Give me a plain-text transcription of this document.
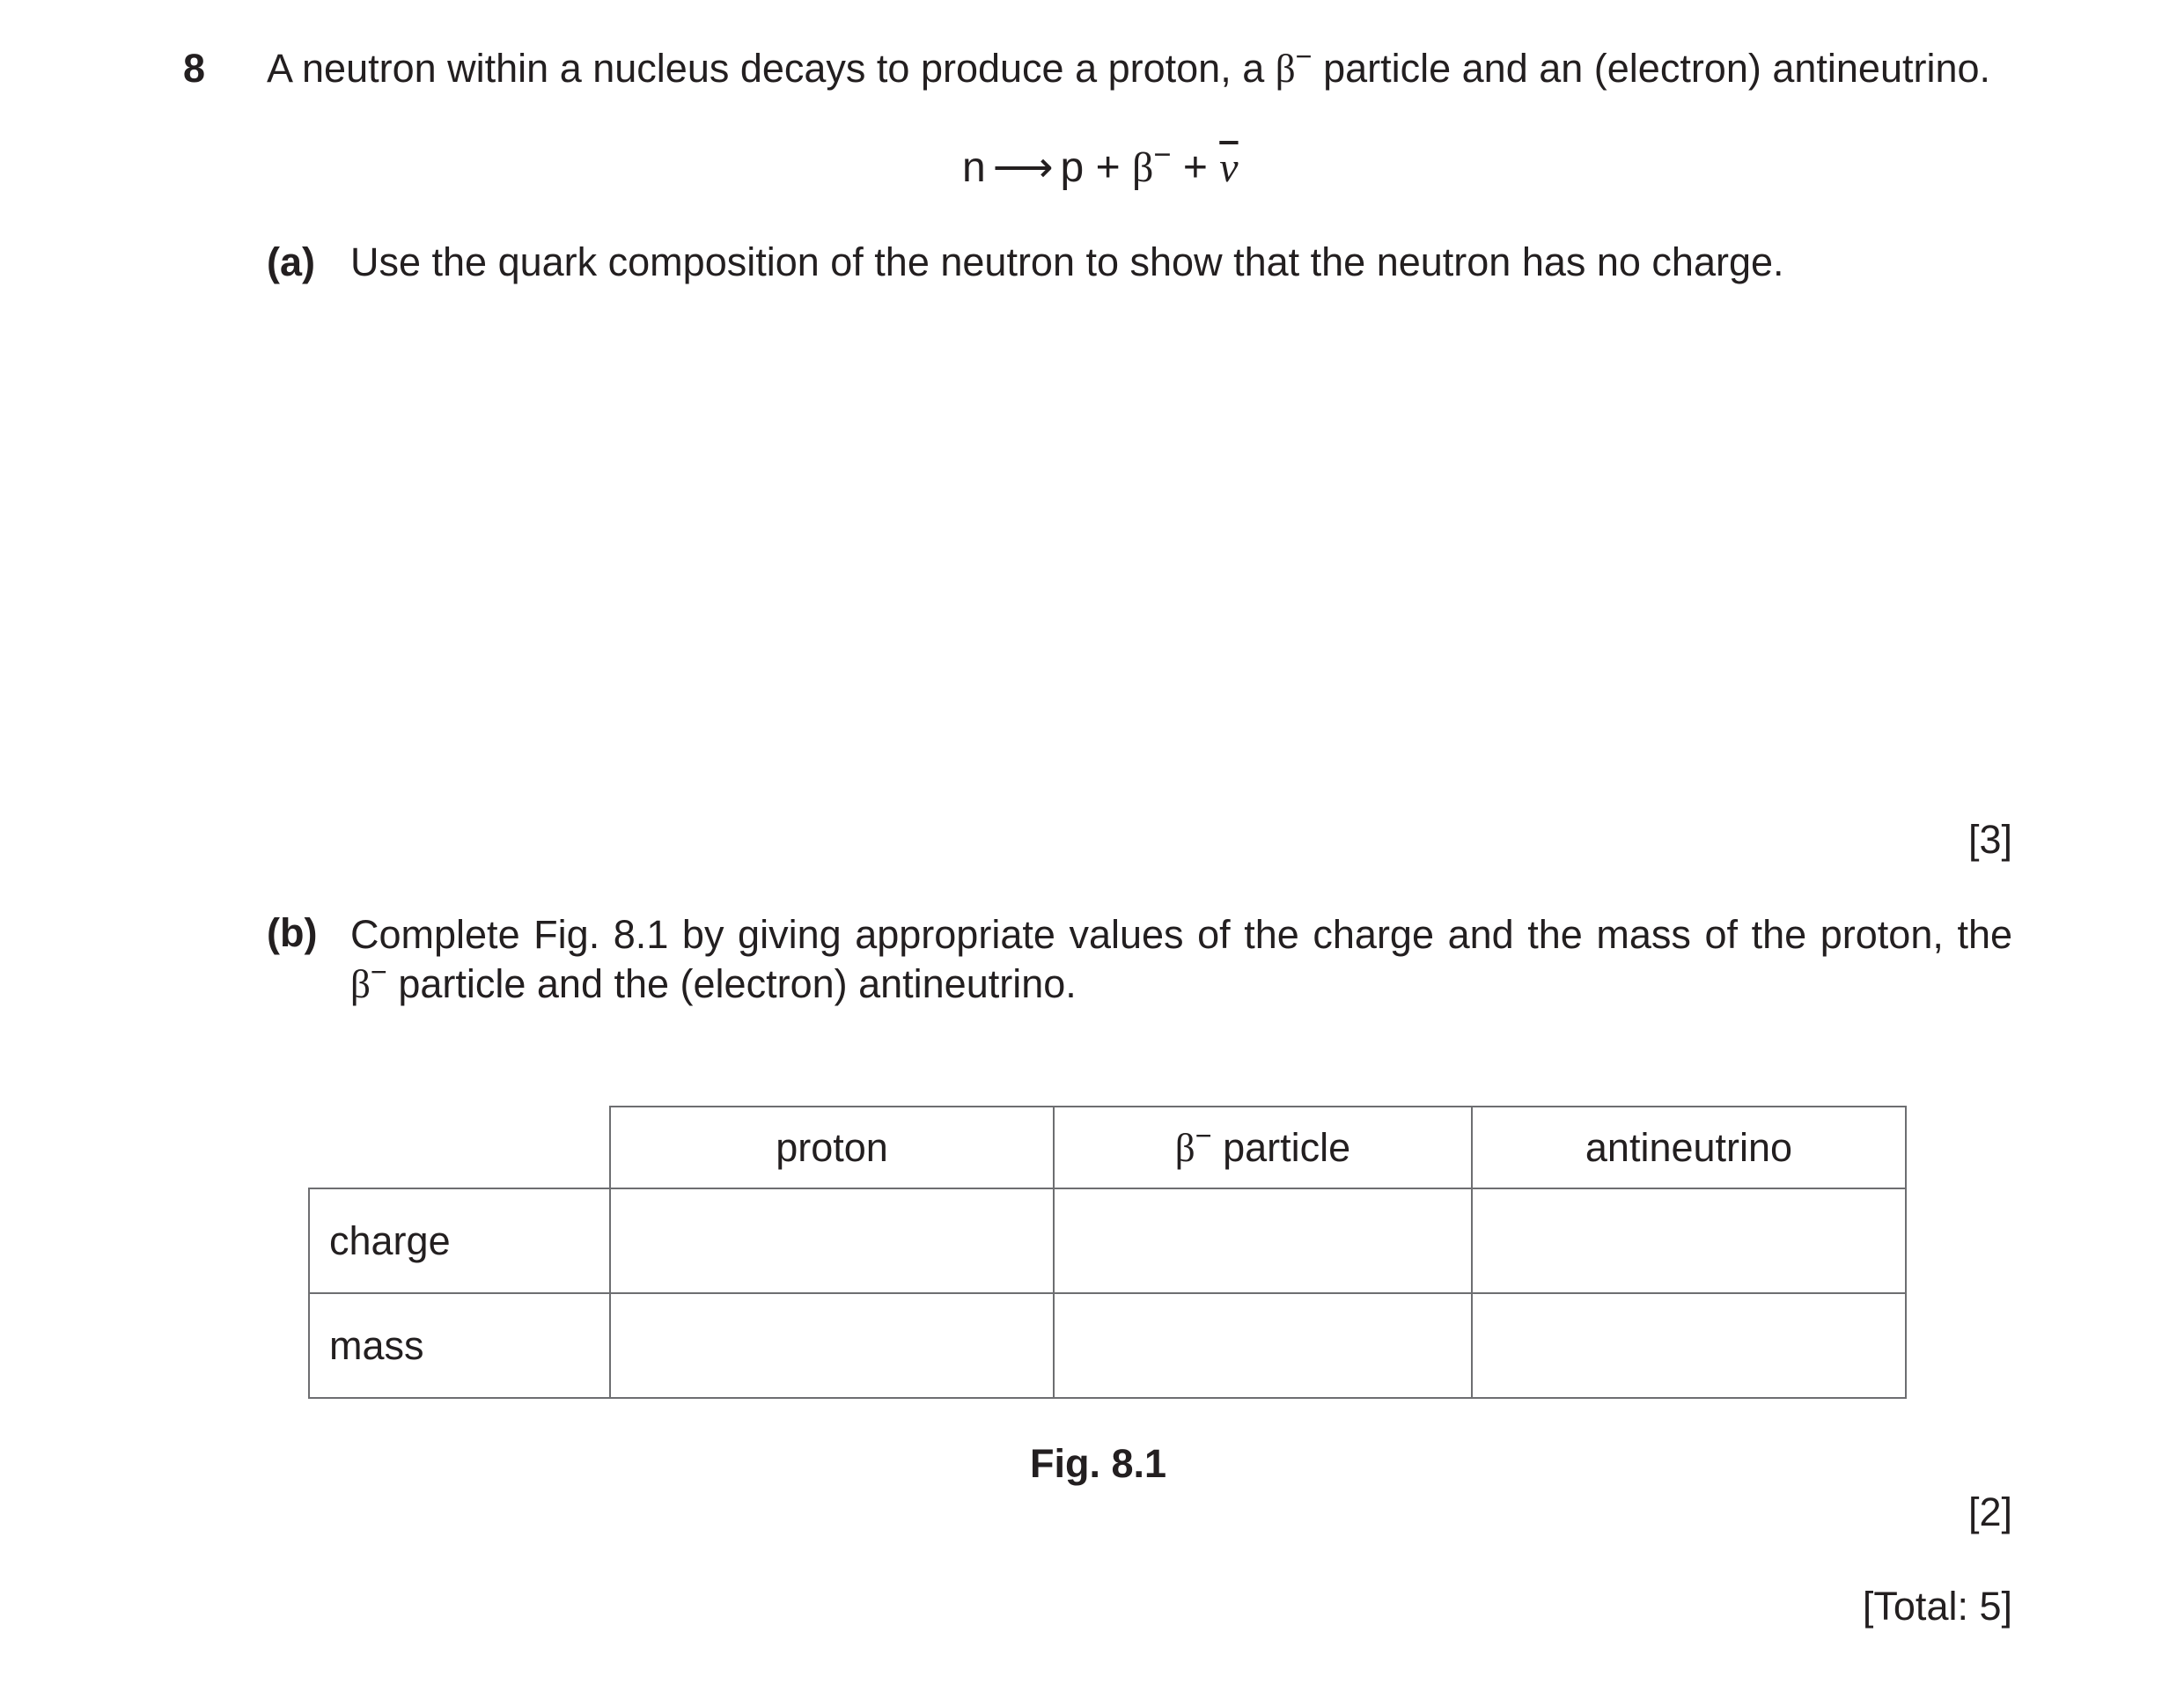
8 A neutron within a nucleus decays to produce a proton, a β− particle and an (electron) antineutrino.
n ⟶ $p + \beta^- + \overline{\nu}$
(a) Use the quark composition of the neutron to show that the neutron has no charge.
[3]
(b) Complete Fig. 8.1 by giving appropriate values of the charge and the mass of the proton, the β− particle and the (electron) antineutrino.
	proton	β− particle	antineutrino
charge			
mass			
Fig. 8.1
[2]
[Total: 5]
